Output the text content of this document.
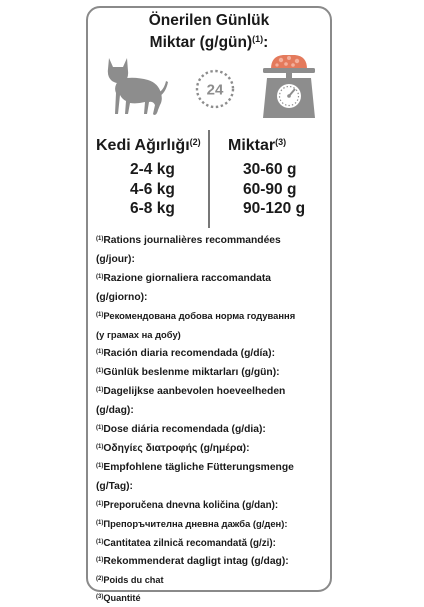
Önerilen Günlük
Miktar (g/gün)$^{(1)}$:
24
Kedi Ağırlığı$^{(2)}$ Miktar$^{(3)}$
2-4 kg
4-6 kg
6-8 kg
30-60 g
60-90 g
90-120 g
$^{(1)}$Rations journalières recommandées
(g/jour):
$^{(1)}$Razione giornaliera raccomandata
(g/giorno):
$^{(1)}$Рекомендована добова норма годування
(у грамах на добу)
$^{(1)}$Ración diaria recomendada (g/día):
$^{(1)}$Günlük beslenme miktarları (g/gün):
$^{(1)}$Dagelijkse aanbevolen hoeveelheden
(g/dag):
$^{(1)}$Dose diária recomendada (g/dia):
$^{(1)}$Οδηγίες διατροφής (g/ημέρα):
$^{(1)}$Empfohlene tägliche Fütterungsmenge
(g/Tag):
$^{(1)}$Preporučena dnevna količina (g/dan):
$^{(1)}$Препоръчителна дневна дажба (g/ден):
$^{(1)}$Cantitatea zilnică recomandată (g/zi):
$^{(1)}$Rekommenderat dagligt intag (g/dag):
$^{(2)}$Poids du chat
$^{(3)}$Quantité
